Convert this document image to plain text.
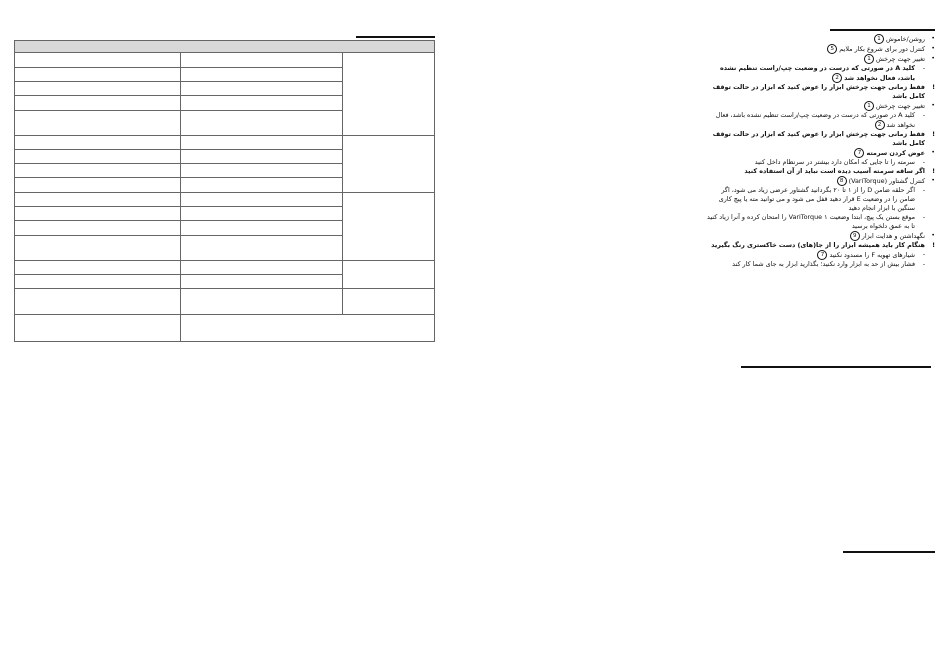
• روشن/خاموش1
• کنترل دور برای شروع بکار ملایم5
• تغییر جهت چرخش1
- کلید A در صورتی که درست در وضعیت چپ/راست تنظیم نشده باشد، فعال نخواهد شد2
! فقط زمانی جهت چرخش ابزار را عوض کنید که ابزار در حالت توقف کامل باشد
• تغییر جهت چرخش1
- کلید A در صورتی که درست در وضعیت چپ/راست تنظیم نشده باشد، فعال نخواهد شد2
! فقط زمانی جهت چرخش ابزار را عوض کنید که ابزار در حالت توقف کامل باشد
• عوض کردن سرمته7
- سرمته را تا جایی که امکان دارد بیشتر در سرنظام داخل کنید
! اگر ساقه سرمته آسیب دیده است نباید از آن استفاده کنید
• کنترل گشتاور (VariTorque)8
- اگر حلقه ضامن D را از ۱ تا ۲۰ بگردانید گشتاور عرضی زیاد می شود، اگر ضامن را در وضعیت E قرار دهید قفل می شود و می توانید مته یا پیچ کاری سنگین با ابزار انجام دهید
- موقع بستن یک پیچ، ابتدا وضعیت VariTorque ۱ را امتحان کرده و آنرا زیاد کنید تا به عمق دلخواه برسید
• نگهداشتن و هدایت ابزار9
! هنگام کار باید همیشه ابزار را از جا(های) دست خاکستری رنگ بگیرید
- شیارهای تهویه F را مسدود نکنید7
- فشار بیش از حد به ابزار وارد نکنید؛ بگذارید ابزار به جای شما کار کند
